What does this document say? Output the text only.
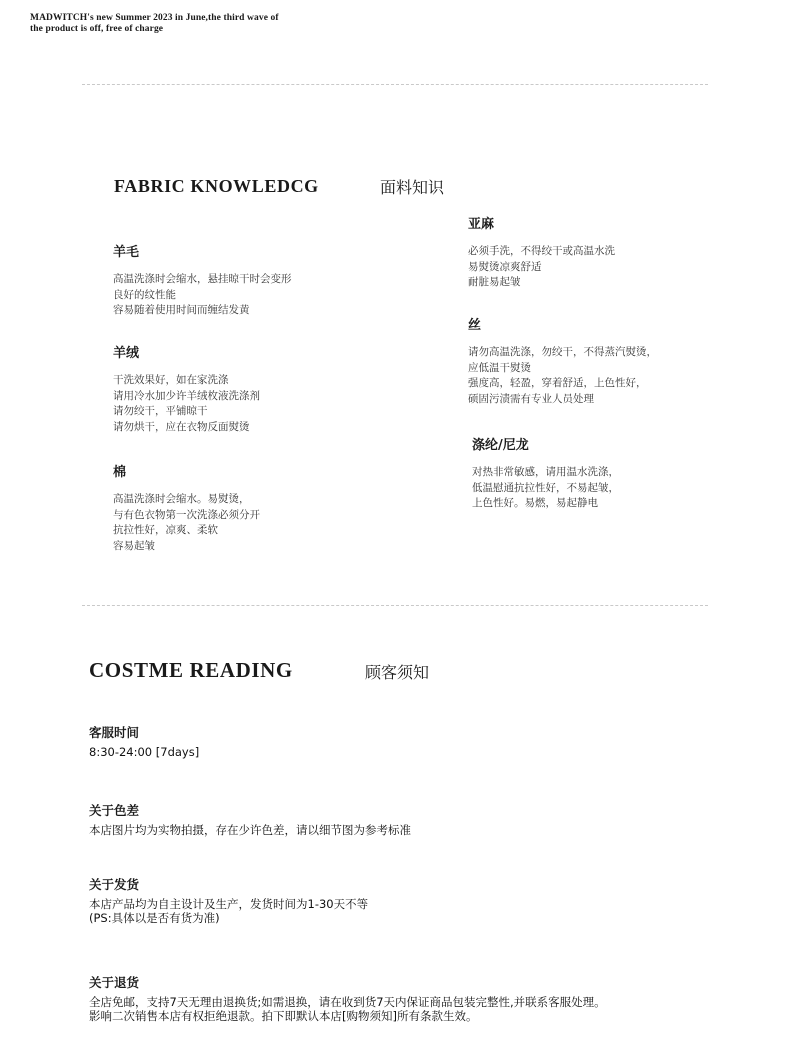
MADWITCH's new Summer 2023 in June,the third wave of
the product is off, free of charge
FABRIC KNOWLEDCG	面料知识
羊毛
高温洗涤时会缩水，悬挂晾干时会变形
良好的纹性能
容易随着使用时间而缠结发黄
羊绒
干洗效果好，如在家洗涤
请用冷水加少许羊绒枚液洗涤剂
请勿绞干，平铺晾干
请勿烘干，应在衣物反面熨烫
棉
高温洗涤时会缩水。易熨烫，
与有色衣物第一次洗涤必须分开
抗拉性好，凉爽、柔软
容易起皱
亚麻
必须手洗，不得绞干或高温水洗
易熨烫凉爽舒适
耐脏易起皱
丝
请勿高温洗涤，勿绞干，不得蒸汽熨烫，
应低温干熨烫
强度高，轻盈，穿着舒适，上色性好，
硕固污渍需有专业人员处理
涤纶/尼龙
对热非常敏感，请用温水洗涤，
低温慰通抗拉性好，不易起皱，
上色性好。易燃，易起静电
COSTME READING	顾客须知
客服时间
8:30-24:00 [7days]
关于色差
本店图片均为实物拍摄，存在少许色差，请以细节图为参考标准
关于发货
本店产品均为自主设计及生产，发货时间为1-30天不等
(PS:具体以是否有货为准)
关于退货
全店免邮，支持7天无理由退换货;如需退换，请在收到货7天内保证商品包装完整性,并联系客服处理。
影响二次销售本店有权拒绝退款。拍下即默认本店[购物须知]所有条款生效。
